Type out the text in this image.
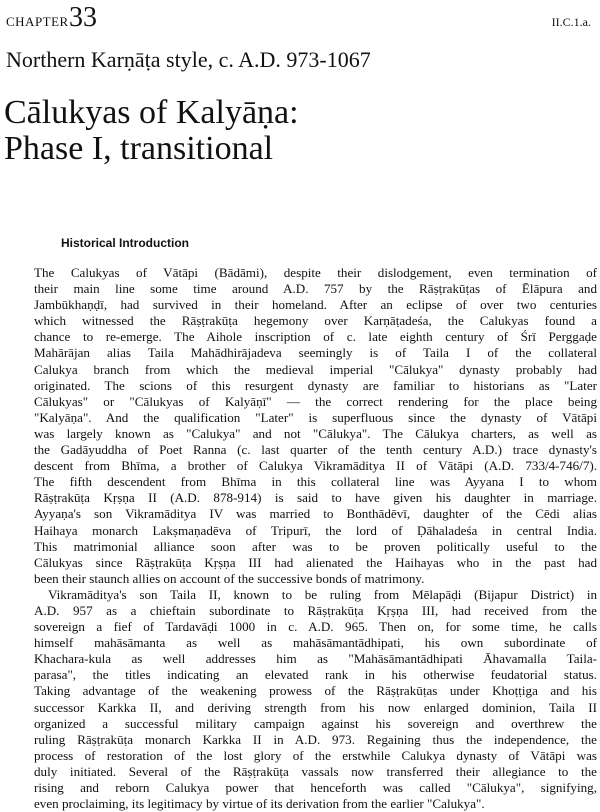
CHAPTER 33	II.C.1.a.
Northern Karṇāṭa style, c. A.D. 973-1067
Cālukyas of Kalyāṇa:
Phase I, transitional
Historical Introduction
The Calukyas of Vātāpi (Bādāmi), despite their dislodgement, even termination of
their main line some time around A.D. 757 by the Rāṣṭrakūṭas of Ēlāpura and
Jambūkhaṇḍī, had survived in their homeland. After an eclipse of over two centuries
which witnessed the Rāṣṭrakūṭa hegemony over Karṇāṭadeśa, the Calukyas found a
chance to re-emerge. The Aihole inscription of c. late eighth century of Śrī Perggaḍe
Mahārājan alias Taila Mahādhirājadeva seemingly is of Taila I of the collateral
Calukya branch from which the medieval imperial "Cālukya" dynasty probably had
originated. The scions of this resurgent dynasty are familiar to historians as "Later
Cālukyas" or "Cālukyas of Kalyāṇī" — the correct rendering for the place being
"Kalyāṇa". And the qualification "Later" is superfluous since the dynasty of Vātāpi
was largely known as "Calukya" and not "Cālukya". The Cālukya charters, as well as
the Gadāyuddha of Poet Ranna (c. last quarter of the tenth century A.D.) trace dynasty's
descent from Bhīma, a brother of Calukya Vikramāditya II of Vātāpi (A.D. 733/4-746/7).
The fifth descendent from Bhīma in this collateral line was Ayyana I to whom
Rāṣṭrakūṭa Kṛṣṇa II (A.D. 878-914) is said to have given his daughter in marriage.
Ayyaṇa's son Vikramāditya IV was married to Bonthādēvī, daughter of the Cēdi alias
Haihaya monarch Lakṣmaṇadēva of Tripurī, the lord of Ḍāhaladeśa in central India.
This matrimonial alliance soon after was to be proven politically useful to the
Cālukyas since Rāṣṭrakūṭa Kṛṣṇa III had alienated the Haihayas who in the past had
been their staunch allies on account of the successive bonds of matrimony.
Vikramāditya's son Taila II, known to be ruling from Mēlapāḍi (Bijapur District) in
A.D. 957 as a chieftain subordinate to Rāṣṭrakūṭa Kṛṣṇa III, had received from the
sovereign a fief of Tardavāḍi 1000 in c. A.D. 965. Then on, for some time, he calls
himself mahāsāmanta as well as mahāsāmantādhipati, his own subordinate of
Khachara-kula as well addresses him as "Mahāsāmantādhipati Āhavamalla Taila-
parasa", the titles indicating an elevated rank in his otherwise feudatorial status.
Taking advantage of the weakening prowess of the Rāṣṭrakūṭas under Khoṭṭiga and his
successor Karkka II, and deriving strength from his now enlarged dominion, Taila II
organized a successful military campaign against his sovereign and overthrew the
ruling Rāṣṭrakūṭa monarch Karkka II in A.D. 973. Regaining thus the independence, the
process of restoration of the lost glory of the erstwhile Calukya dynasty of Vātāpi was
duly initiated. Several of the Rāṣṭrakūṭa vassals now transferred their allegiance to the
rising and reborn Calukya power that henceforth was called "Cālukya", signifying,
even proclaiming, its legitimacy by virtue of its derivation from the earlier "Calukya".
